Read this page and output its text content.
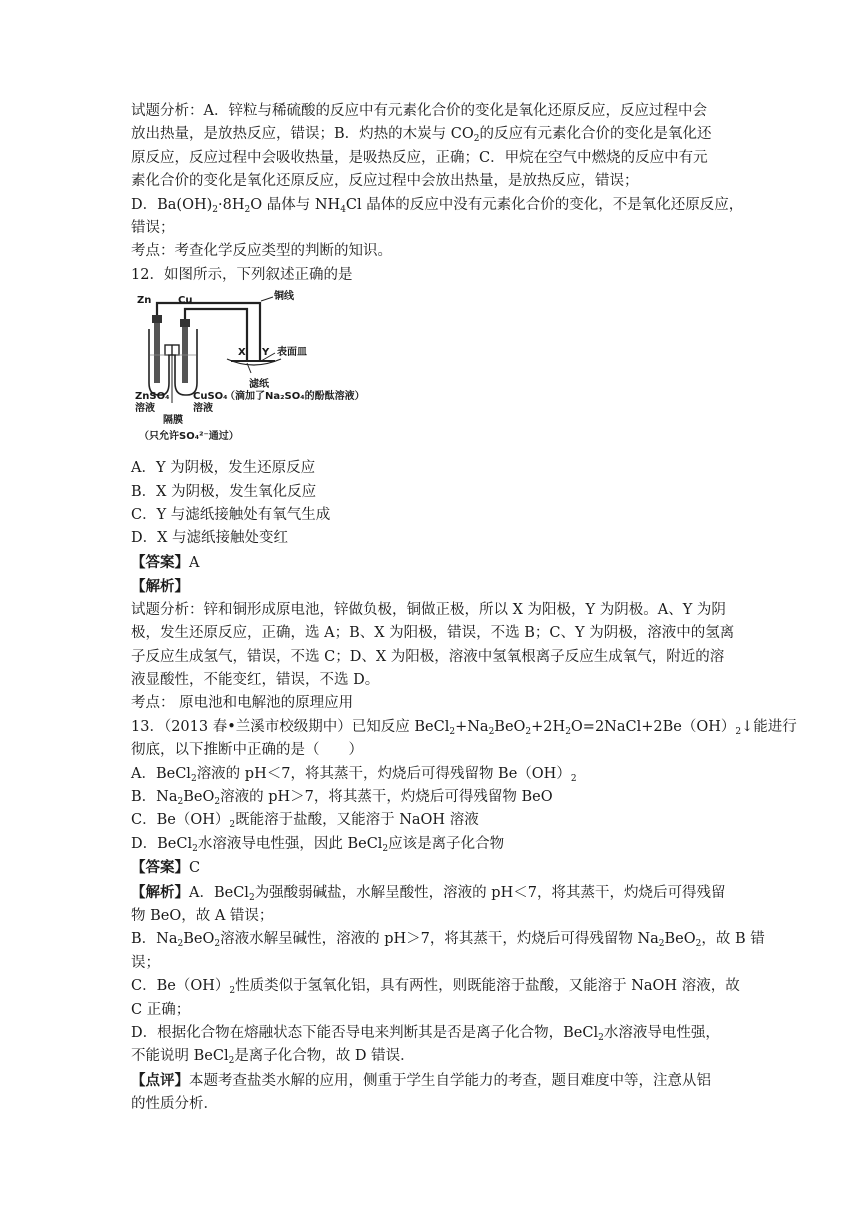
试题分析：A．锌粒与稀硫酸的反应中有元素化合价的变化是氧化还原反应，反应过程中会
放出热量，是放热反应，错误；B．灼热的木炭与 $CO_2$的反应有元素化合价的变化是氧化还
原反应，反应过程中会吸收热量，是吸热反应，正确；C．甲烷在空气中燃烧的反应中有元
素化合价的变化是氧化还原反应，反应过程中会放出热量，是放热反应，错误；
D．$Ba(OH)_2\cdot 8H_2O$ 晶体与 $NH_4Cl$ 晶体的反应中没有元素化合价的变化，不是氧化还原反应，
错误；
考点：考查化学反应类型的判断的知识。
12．如图所示，下列叙述正确的是
Zn	Cu	铜线
X Y 表面皿
ZnSO₄
溶液
CuSO₄
溶液
隔膜
滤纸
（滴加了Na₂SO₄的酚酞溶液）
（只允许SO₄²⁻通过）
A．Y 为阴极，发生还原反应
B．X 为阴极，发生氧化反应
C．Y 与滤纸接触处有氧气生成
D．X 与滤纸接触处变红
【答案】A
【解析】
试题分析：锌和铜形成原电池，锌做负极，铜做正极，所以 X 为阳极，Y 为阴极。A、Y 为阴
极，发生还原反应，正确，选 A；B、X 为阳极，错误，不选 B；C、Y 为阴极，溶液中的氢离
子反应生成氢气，错误，不选 C；D、X 为阳极，溶液中氢氧根离子反应生成氧气，附近的溶
液显酸性，不能变红，错误，不选 D。
考点： 原电池和电解池的原理应用
13．（2013 春•兰溪市校级期中）已知反应 $BeCl_2+Na_2BeO_2+2H_2O=2NaCl+2Be(OH)_2↓$能进行
彻底，以下推断中正确的是（　　）
A．BeCl$_2$溶液的 pH＜7，将其蒸干，灼烧后可得残留物 $Be(OH)_2$
B．$Na_2BeO_2$溶液的 pH＞7，将其蒸干，灼烧后可得残留物 BeO
C．$Be(OH)_2$既能溶于盐酸，又能溶于 NaOH 溶液
D．BeCl$_2$水溶液导电性强，因此 BeCl$_2$应该是离子化合物
【答案】C
【解析】A．BeCl$_2$为强酸弱碱盐，水解呈酸性，溶液的 pH＜7，将其蒸干，灼烧后可得残留
物 BeO，故 A 错误；
B．$Na_2BeO_2$溶液水解呈碱性，溶液的 pH＞7，将其蒸干，灼烧后可得残留物 $Na_2BeO_2$，故 B 错
误；
C．$Be(OH)_2$性质类似于氢氧化铝，具有两性，则既能溶于盐酸，又能溶于 NaOH 溶液，故
C 正确；
D．根据化合物在熔融状态下能否导电来判断其是否是离子化合物，BeCl$_2$水溶液导电性强，
不能说明 BeCl$_2$是离子化合物，故 D 错误．
【点评】本题考查盐类水解的应用，侧重于学生自学能力的考查，题目难度中等，注意从铝
的性质分析．
